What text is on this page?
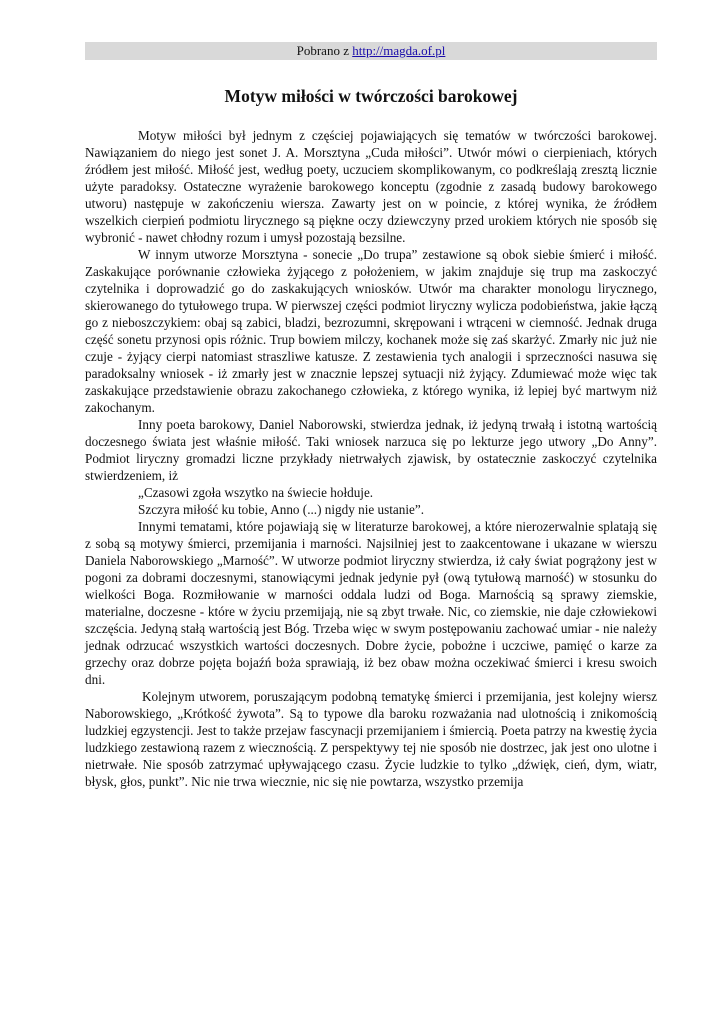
Pobrano z http://magda.of.pl
Motyw miłości w twórczości barokowej

Motyw miłości był jednym z częściej pojawiających się tematów w twórczości barokowej. Nawiązaniem do niego jest sonet J. A. Morsztyna „Cuda miłości”. Utwór mówi o cierpieniach, których źródłem jest miłość. Miłość jest, według poety, uczuciem skomplikowanym, co podkreślają zresztą licznie użyte paradoksy. Ostateczne wyrażenie barokowego konceptu (zgodnie z zasadą budowy barokowego utworu) następuje w zakończeniu wiersza. Zawarty jest on w poincie, z której wynika, że źródłem wszelkich cierpień podmiotu lirycznego są piękne oczy dziewczyny przed urokiem których nie sposób się wybronić - nawet chłodny rozum i umysł pozostają bezsilne.

W innym utworze Morsztyna - sonecie „Do trupa” zestawione są obok siebie śmierć i miłość. Zaskakujące porównanie człowieka żyjącego z położeniem, w jakim znajduje się trup ma zaskoczyć czytelnika i doprowadzić go do zaskakujących wniosków. Utwór ma charakter monologu lirycznego, skierowanego do tytułowego trupa. W pierwszej części podmiot liryczny wylicza podobieństwa, jakie łączą go z nieboszczykiem: obaj są zabici, bladzi, bezrozumni, skrępowani i wtrąceni w ciemność. Jednak druga część sonetu przynosi opis różnic. Trup bowiem milczy, kochanek może się zaś skarżyć. Zmarły nic już nie czuje - żyjący cierpi natomiast straszliwe katusze. Z zestawienia tych analogii i sprzeczności nasuwa się paradoksalny wniosek - iż zmarły jest w znacznie lepszej sytuacji niż żyjący. Zdumiewać może więc tak zaskakujące przedstawienie obrazu zakochanego człowieka, z którego wynika, iż lepiej być martwym niż zakochanym.

Inny poeta barokowy, Daniel Naborowski, stwierdza jednak, iż jedyną trwałą i istotną wartością doczesnego świata jest właśnie miłość. Taki wniosek narzuca się po lekturze jego utwory „Do Anny”. Podmiot liryczny gromadzi liczne przykłady nietrwałych zjawisk, by ostatecznie zaskoczyć czytelnika stwierdzeniem, iż

„Czasowi zgoła wszytko na świecie hołduje.

Szczyra miłość ku tobie, Anno (...) nigdy nie ustanie”.

Innymi tematami, które pojawiają się w literaturze barokowej, a które nierozerwalnie splatają się z sobą są motywy śmierci, przemijania i marności. Najsilniej jest to zaakcentowane i ukazane w wierszu Daniela Naborowskiego „Marność”. W utworze podmiot liryczny stwierdza, iż cały świat pogrążony jest w pogoni za dobrami doczesnymi, stanowiącymi jednak jedynie pył (ową tytułową marność) w stosunku do wielkości Boga. Rozmiłowanie w marności oddala ludzi od Boga. Marnością są sprawy ziemskie, materialne, doczesne - które w życiu przemijają, nie są zbyt trwałe. Nic, co ziemskie, nie daje człowiekowi szczęścia. Jedyną stałą wartością jest Bóg. Trzeba więc w swym postępowaniu zachować umiar - nie należy jednak odrzucać wszystkich wartości doczesnych. Dobre życie, pobożne i uczciwe, pamięć o karze za grzechy oraz dobrze pojęta bojaźń boża sprawiają, iż bez obaw można oczekiwać śmierci i kresu swoich dni.

Kolejnym utworem, poruszającym podobną tematykę śmierci i przemijania, jest kolejny wiersz Naborowskiego, „Krótkość żywota”. Są to typowe dla baroku rozważania nad ulotnością i znikomością ludzkiej egzystencji. Jest to także przejaw fascynacji przemijaniem i śmiercią. Poeta patrzy na kwestię życia ludzkiego zestawioną razem z wiecznością. Z perspektywy tej nie sposób nie dostrzec, jak jest ono ulotne i nietrwałe. Nie sposób zatrzymać upływającego czasu. Życie ludzkie to tylko „dźwięk, cień, dym, wiatr, błysk, głos, punkt”. Nic nie trwa wiecznie, nic się nie powtarza, wszystko przemija
